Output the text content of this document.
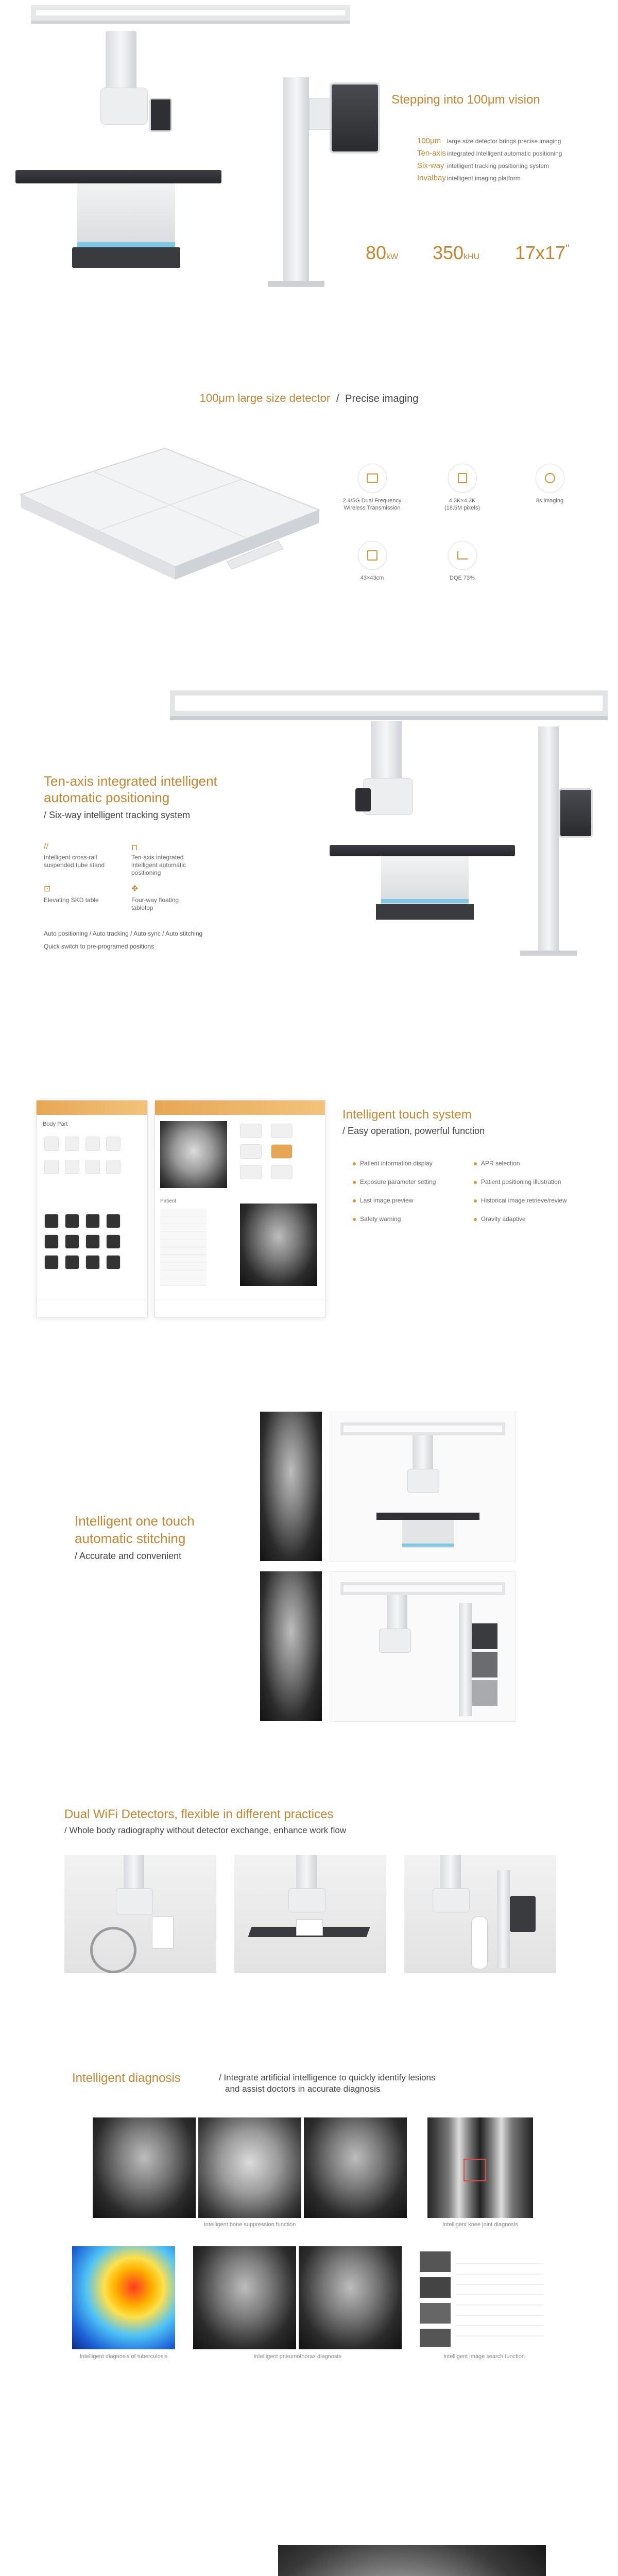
Stepping into 100μm vision
100μm large size detector brings precise imaging
Ten-axis integrated intelligent automatic positioning
Six-way intelligent tracking positioning system
Invalbay intelligent imaging platform
80kW 350kHU 17x17"
100μm large size detector  /  Precise imaging
2.4/5G Dual Frequency
Wireless Transmission
4.3K×4.3K
(18.5M pixels)
8s imaging
43×43cm	DQE 73%
Ten-axis integrated intelligent
automatic positioning
/ Six-way intelligent tracking system
//
Intelligent cross-rail
suspended tube stand
⊓
Ten-axis integrated
intelligent automatic
positioning
⊡
Elevating SKD table
✥
Four-way floating
tabletop
Auto positioning / Auto tracking / Auto sync / Auto stitching
Quick switch to pre-programed positions
Body Part
Patient
Intelligent touch system
/ Easy operation, powerful function
Patient information display
Exposure parameter setting
Last image preview
Safety warning
APR selection
Patient positioning illustration
Historical image retrieve/review
Gravity adaptive
Intelligent one touch
automatic stitching
/ Accurate and convenient
Dual WiFi Detectors, flexible in different practices
/ Whole body radiography without detector exchange, enhance work flow
Intelligent diagnosis	/ Integrate artificial intelligence to quickly identify lesions
and assist doctors in accurate diagnosis
Intelligent bone suppression function	Intelligent knee joint diagnosis
Intelligent diagnosis of tuberculosis	Intelligent pneumothorax diagnosis	Intelligent image search function
